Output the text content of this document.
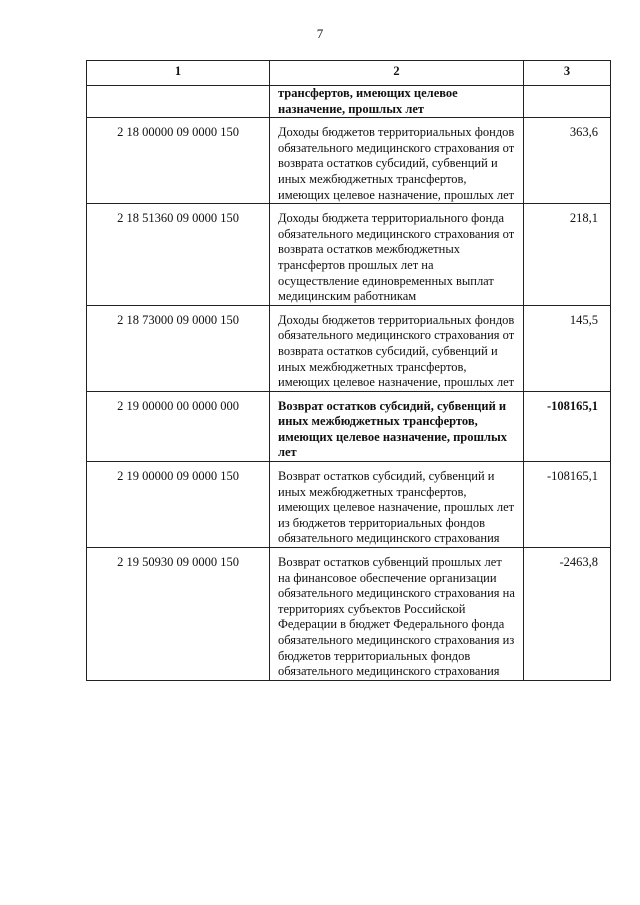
7
1	2	3
	трансфертов, имеющих целевое назначение, прошлых лет	
2 18 00000 09 0000 150	Доходы бюджетов территориальных фондов обязательного медицинского страхования от возврата остатков субсидий, субвенций и иных межбюджетных трансфертов, имеющих целевое назначение, прошлых лет	363,6
2 18 51360 09 0000 150	Доходы бюджета территориального фонда обязательного медицинского страхования от возврата остатков межбюджетных трансфертов прошлых лет на осуществление единовременных выплат медицинским работникам	218,1
2 18 73000 09 0000 150	Доходы бюджетов территориальных фондов обязательного медицинского страхования от возврата остатков субсидий, субвенций и иных межбюджетных трансфертов, имеющих целевое назначение, прошлых лет	145,5
2 19 00000 00 0000 000	Возврат остатков субсидий, субвенций и иных межбюджетных трансфертов, имеющих целевое назначение, прошлых лет	-108165,1
2 19 00000 09 0000 150	Возврат остатков субсидий, субвенций и иных межбюджетных трансфертов, имеющих целевое назначение, прошлых лет из бюджетов территориальных фондов обязательного медицинского страхования	-108165,1
2 19 50930 09 0000 150	Возврат остатков субвенций прошлых лет на финансовое обеспечение организации обязательного медицинского страхования на территориях субъектов Российской Федерации в бюджет Федерального фонда обязательного медицинского страхования из бюджетов территориальных фондов обязательного медицинского страхования	-2463,8
